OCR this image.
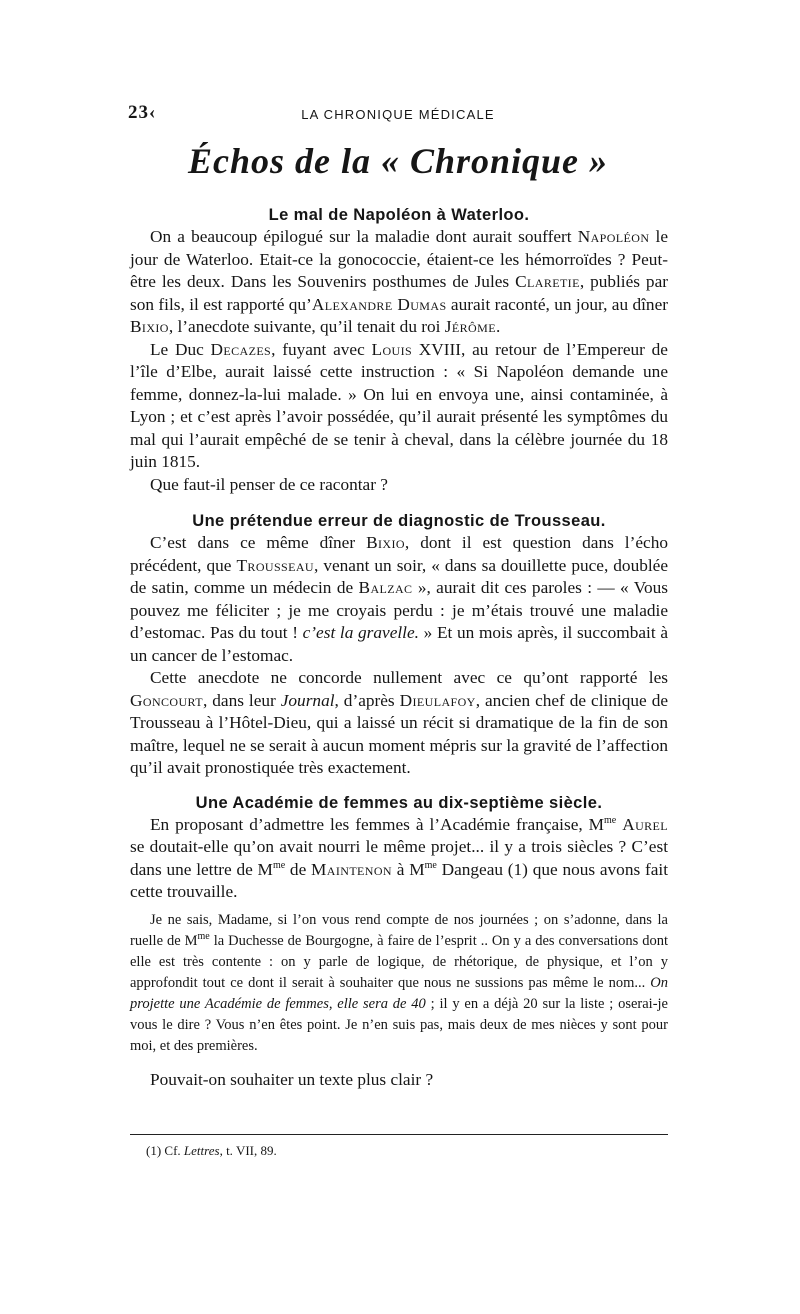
23‹	LA CHRONIQUE MÉDICALE
Échos de la « Chronique »
Le mal de Napoléon à Waterloo.

On a beaucoup épilogué sur la maladie dont aurait souffert Napoléon le jour de Waterloo. Etait-ce la gonococcie, étaient-ce les hémorroïdes ? Peut-être les deux. Dans les Souvenirs posthumes de Jules Claretie, publiés par son fils, il est rapporté qu’Alexandre Dumas aurait raconté, un jour, au dîner Bixio, l’anecdote suivante, qu’il tenait du roi Jérôme.

Le Duc Decazes, fuyant avec Louis XVIII, au retour de l’Empereur de l’île d’Elbe, aurait laissé cette instruction : « Si Napoléon demande une femme, donnez-la-lui malade. » On lui en envoya une, ainsi contaminée, à Lyon ; et c’est après l’avoir possédée, qu’il aurait présenté les symptômes du mal qui l’aurait empêché de se tenir à cheval, dans la célèbre journée du 18 juin 1815.

Que faut-il penser de ce racontar ?

Une prétendue erreur de diagnostic de Trousseau.

C’est dans ce même dîner Bixio, dont il est question dans l’écho précédent, que Trousseau, venant un soir, « dans sa douillette puce, doublée de satin, comme un médecin de Balzac », aurait dit ces paroles : — « Vous pouvez me féliciter ; je me croyais perdu : je m’étais trouvé une maladie d’estomac. Pas du tout ! c’est la gravelle. » Et un mois après, il succombait à un cancer de l’estomac.

Cette anecdote ne concorde nullement avec ce qu’ont rapporté les Goncourt, dans leur Journal, d’après Dieulafoy, ancien chef de clinique de Trousseau à l’Hôtel-Dieu, qui a laissé un récit si dramatique de la fin de son maître, lequel ne se serait à aucun moment mépris sur la gravité de l’affection qu’il avait pronostiquée très exactement.

Une Académie de femmes au dix-septième siècle.

En proposant d’admettre les femmes à l’Académie française, $M^{me}$ Aurel se doutait-elle qu’on avait nourri le même projet... il y a trois siècles ? C’est dans une lettre de $M^{me}$ de Maintenon à $M^{me}$ Dangeau (1) que nous avons fait cette trouvaille.

Je ne sais, Madame, si l’on vous rend compte de nos journées ; on s’adonne, dans la ruelle de $M^{me}$ la Duchesse de Bourgogne, à faire de l’esprit .. On y a des conversations dont elle est très contente : on y parle de logique, de rhétorique, de physique, et l’on y approfondit tout ce dont il serait à souhaiter que nous ne sussions pas même le nom... On projette une Académie de femmes, elle sera de 40 ; il y en a déjà 20 sur la liste ; oserai-je vous le dire ? Vous n’en êtes point. Je n’en suis pas, mais deux de mes nièces y sont pour moi, et des premières.

Pouvait-on souhaiter un texte plus clair ?

(1) Cf. Lettres, t. VII, 89.
